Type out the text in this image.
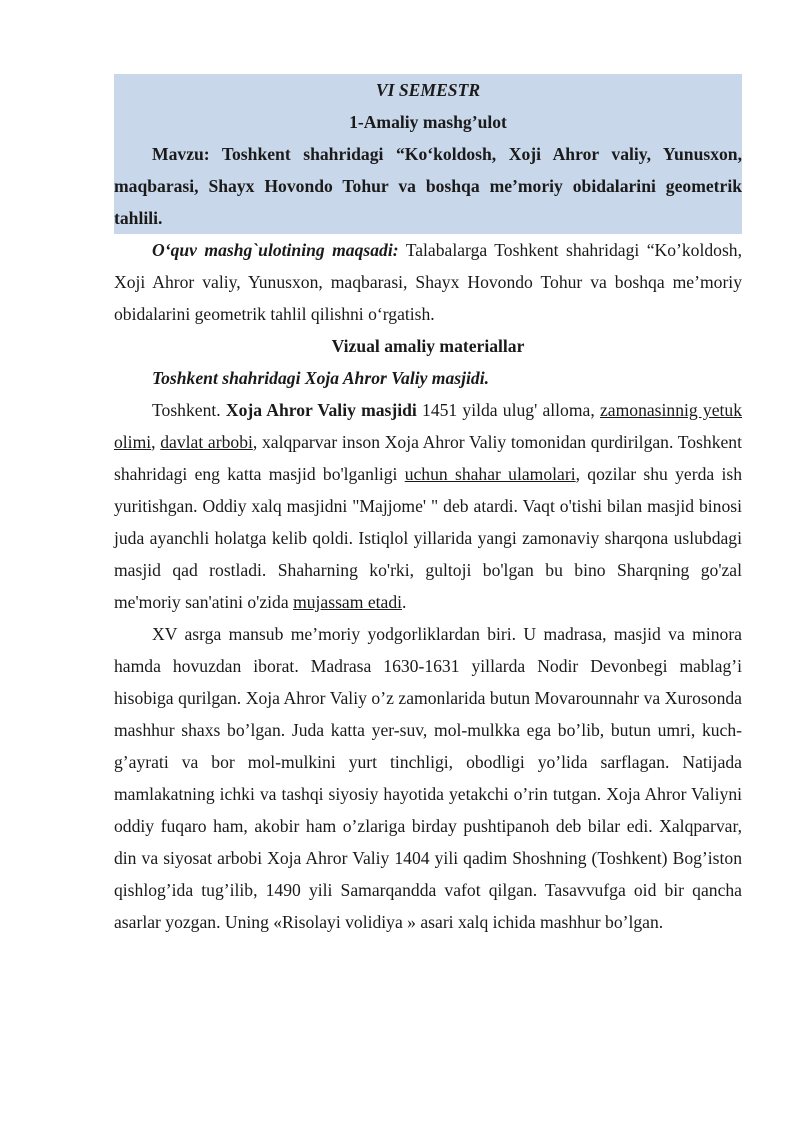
VI SEMESTR
1-Amaliy mashg’ulot

Mavzu: Toshkent shahridagi “Ko‘koldosh, Xoji Ahror valiy, Yunusxon, maqbarasi, Shayx Hovondo Tohur va boshqa me’moriy obidalarini geometrik tahlili.

O‘quv mashg`ulotining maqsadi: Talabalarga Toshkent shahridagi “Ko’koldosh, Xoji Ahror valiy, Yunusxon, maqbarasi, Shayx Hovondo Tohur va boshqa me’moriy obidalarini geometrik tahlil qilishni o‘rgatish.

Vizual amaliy materiallar

Toshkent shahridagi Xoja Ahror Valiy masjidi.

Toshkent. Xoja Ahror Valiy masjidi 1451 yilda ulug' alloma, zamonasinnig yetuk olimi, davlat arbobi, xalqparvar inson Xoja Ahror Valiy tomonidan qurdirilgan. Toshkent shahridagi eng katta masjid bo'lganligi uchun shahar ulamolari, qozilar shu yerda ish yuritishgan. Oddiy xalq masjidni "Majjome' " deb atardi. Vaqt o'tishi bilan masjid binosi juda ayanchli holatga kelib qoldi. Istiqlol yillarida yangi zamonaviy sharqona uslubdagi masjid qad rostladi. Shaharning ko'rki, gultoji bo'lgan bu bino Sharqning go'zal me'moriy san'atini o'zida mujassam etadi.

XV asrga mansub me’moriy yodgorliklardan biri. U madrasa, masjid va minora hamda hovuzdan iborat. Madrasa 1630-1631 yillarda Nodir Devonbegi mablag’i hisobiga qurilgan. Xoja Ahror Valiy o’z zamonlarida butun Movarounnahr va Xurosonda mashhur shaxs bo’lgan. Juda katta yer-suv, mol-mulkka ega bo’lib, butun umri, kuch-g’ayrati va bor mol-mulkini yurt tinchligi, obodligi yo’lida sarflagan. Natijada mamlakatning ichki va tashqi siyosiy hayotida yetakchi o’rin tutgan. Xoja Ahror Valiyni oddiy fuqaro ham, akobir ham o’zlariga birday pushtipanoh deb bilar edi. Xalqparvar, din va siyosat arbobi Xoja Ahror Valiy 1404 yili qadim Shoshning (Toshkent) Bog’iston qishlog’ida tug’ilib, 1490 yili Samarqandda vafot qilgan. Tasavvufga oid bir qancha asarlar yozgan. Uning «Risolayi volidiya » asari xalq ichida mashhur bo’lgan.
